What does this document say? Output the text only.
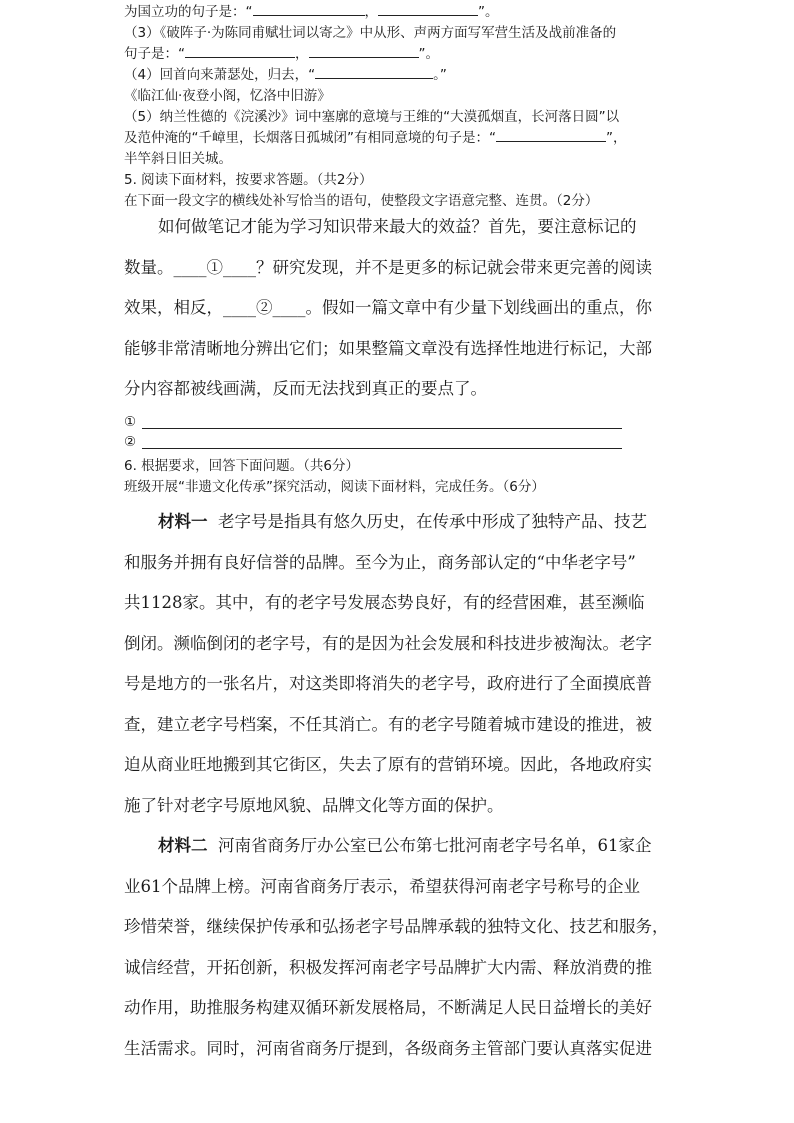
为国立功的句子是：“	，	”。
（3）《破阵子·为陈同甫赋壮词以寄之》中从形、声两方面写军营生活及战前准备的
句子是：“	，	”。
（4）回首向来萧瑟处，归去，“	。”
《临江仙·夜登小阁，忆洛中旧游》
（5）纳兰性德的《浣溪沙》词中塞廓的意境与王维的“大漠孤烟直，长河落日圆”以
及范仲淹的“千嶂里，长烟落日孤城闭”有相同意境的句子是：“	”，
半竿斜日旧关城。
5. 阅读下面材料，按要求答题。（共2分）
在下面一段文字的横线处补写恰当的语句，使整段文字语意完整、连贯。（2分）
如何做笔记才能为学习知识带来最大的效益？首先，要注意标记的
数量。____①____？研究发现，并不是更多的标记就会带来更完善的阅读
效果，相反，____②____。假如一篇文章中有少量下划线画出的重点，你
能够非常清晰地分辨出它们；如果整篇文章没有选择性地进行标记，大部
分内容都被线画满，反而无法找到真正的要点了。
①
②
6. 根据要求，回答下面问题。（共6分）
班级开展“非遗文化传承”探究活动，阅读下面材料，完成任务。（6分）
材料一 老字号是指具有悠久历史，在传承中形成了独特产品、技艺
和服务并拥有良好信誉的品牌。至今为止，商务部认定的“中华老字号”
共1128家。其中，有的老字号发展态势良好，有的经营困难，甚至濒临
倒闭。濒临倒闭的老字号，有的是因为社会发展和科技进步被淘汰。老字
号是地方的一张名片，对这类即将消失的老字号，政府进行了全面摸底普
查，建立老字号档案，不任其消亡。有的老字号随着城市建设的推进，被
迫从商业旺地搬到其它街区，失去了原有的营销环境。因此，各地政府实
施了针对老字号原地风貌、品牌文化等方面的保护。
材料二 河南省商务厅办公室已公布第七批河南老字号名单，61家企
业61个品牌上榜。河南省商务厅表示，希望获得河南老字号称号的企业
珍惜荣誉，继续保护传承和弘扬老字号品牌承载的独特文化、技艺和服务，
诚信经营，开拓创新，积极发挥河南老字号品牌扩大内需、释放消费的推
动作用，助推服务构建双循环新发展格局，不断满足人民日益增长的美好
生活需求。同时，河南省商务厅提到，各级商务主管部门要认真落实促进
